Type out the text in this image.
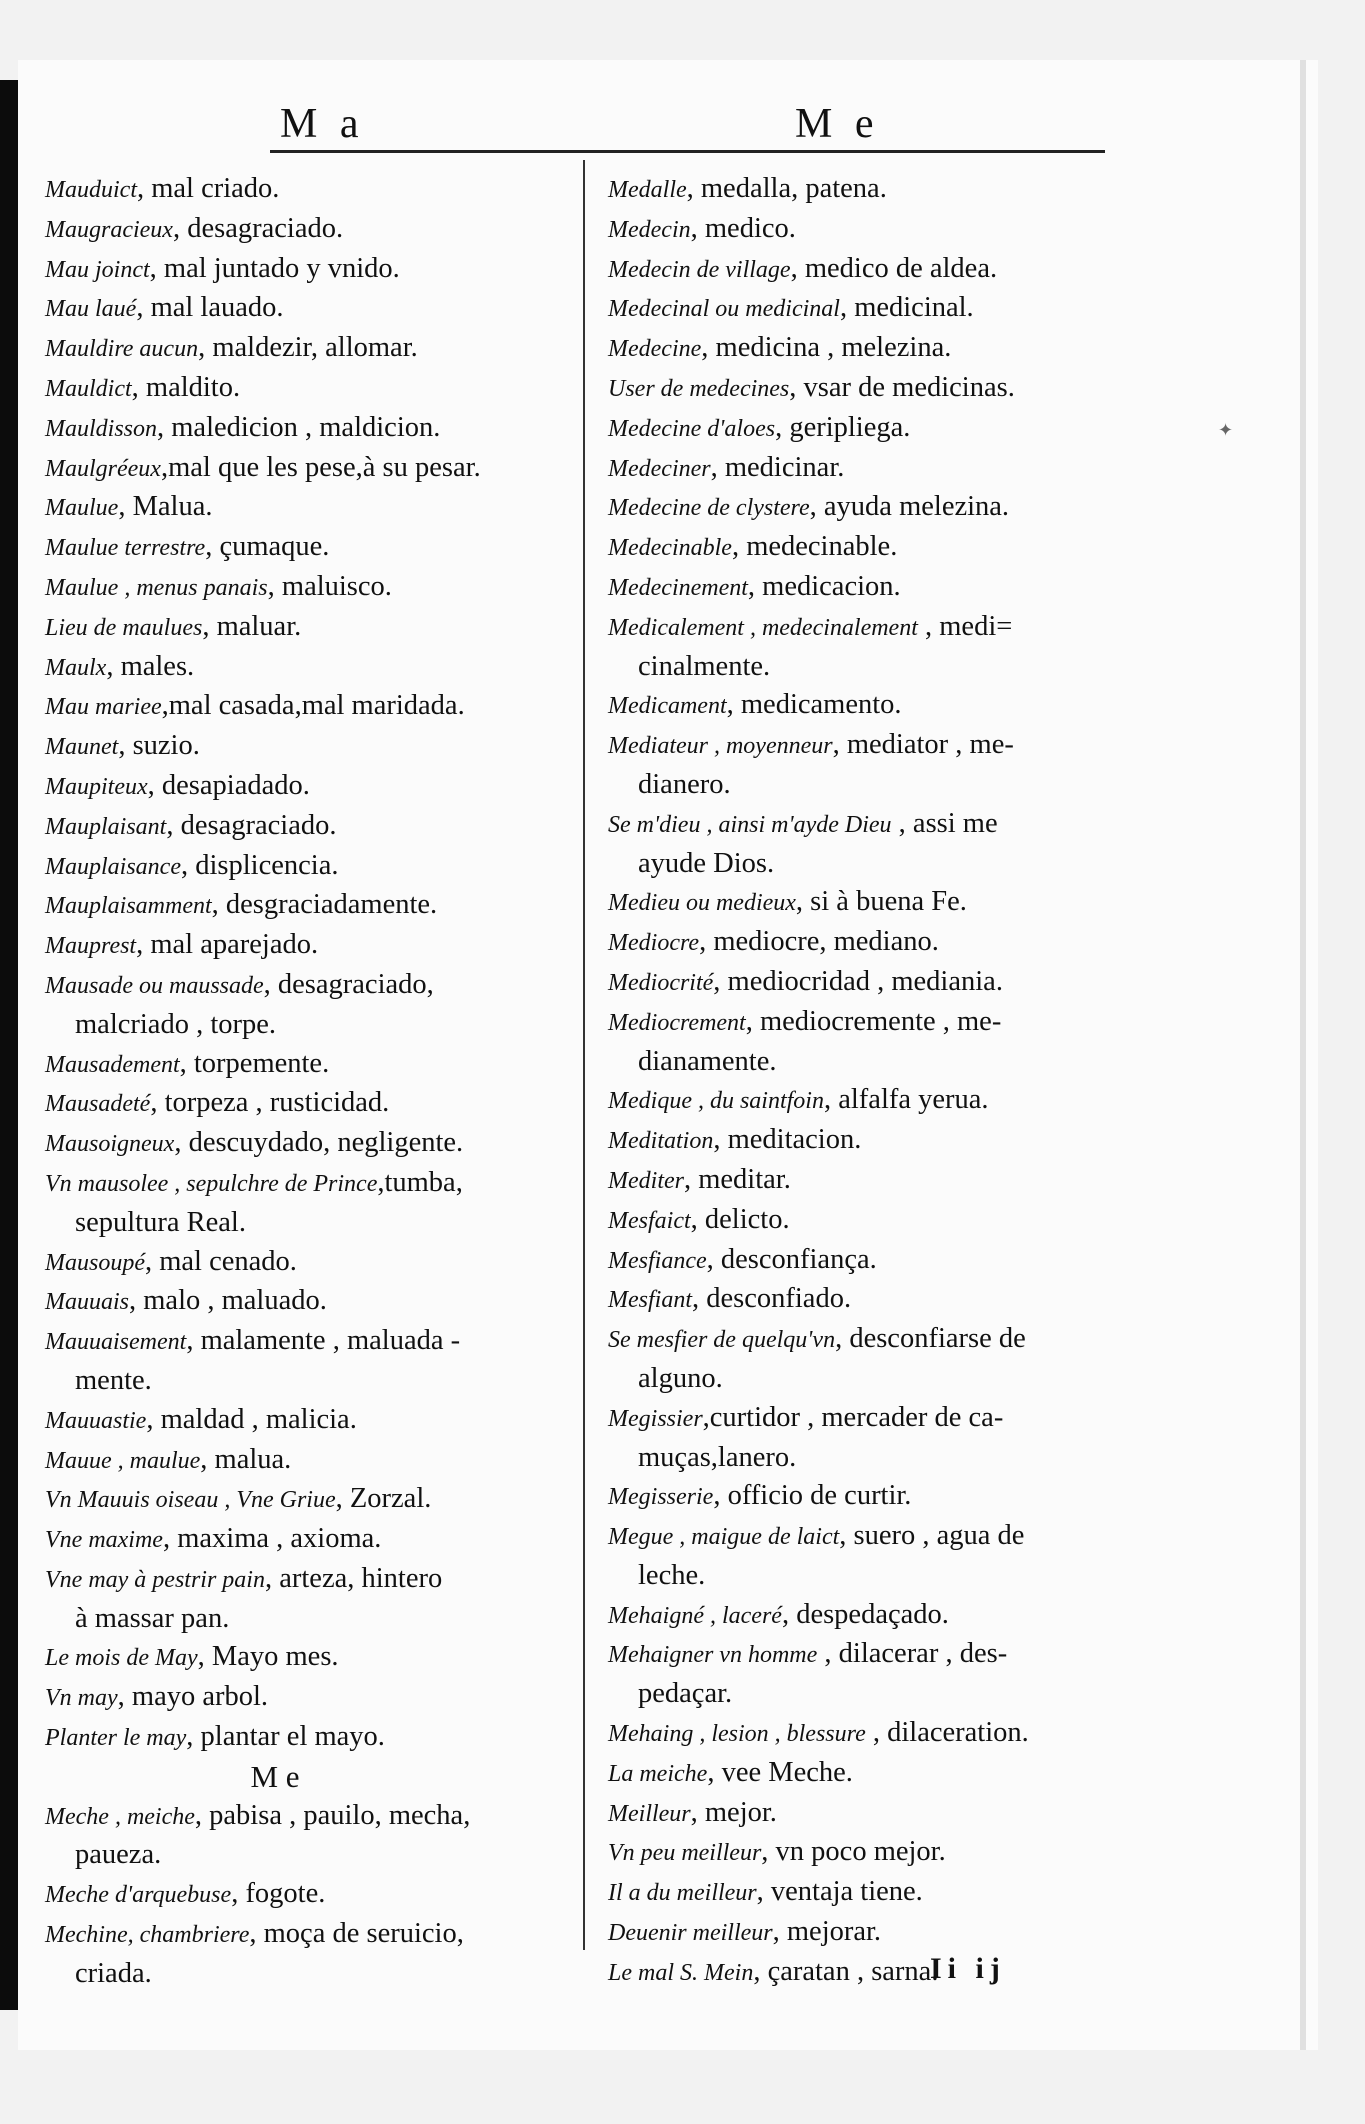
M a	M e
✦
Mauduict, mal criado.
Maugracieux, desagraciado.
Mau joinct, mal juntado y vnido.
Mau laué, mal lauado.
Mauldire aucun, maldezir, allomar.
Mauldict, maldito.
Mauldisson, maledicion , maldicion.
Maulgréeux,mal que les pese,à su pesar.
Maulue, Malua.
Maulue terrestre, çumaque.
Maulue , menus panais, maluisco.
Lieu de maulues, maluar.
Maulx, males.
Mau mariee,mal casada,mal maridada.
Maunet, suzio.
Maupiteux, desapiadado.
Mauplaisant, desagraciado.
Mauplaisance, displicencia.
Mauplaisamment, desgraciadamente.
Mauprest, mal aparejado.
Mausade ou maussade, desagraciado,
malcriado , torpe.
Mausadement, torpemente.
Mausadeté, torpeza , rusticidad.
Mausoigneux, descuydado, negligente.
Vn mausolee , sepulchre de Prince,tumba,
sepultura Real.
Mausoupé, mal cenado.
Mauuais, malo , maluado.
Mauuaisement, malamente , maluada -
mente.
Mauuastie, maldad , malicia.
Mauue , maulue, malua.
Vn Mauuis oiseau , Vne Griue, Zorzal.
Vne maxime, maxima , axioma.
Vne may à pestrir pain, arteza, hintero
à massar pan.
Le mois de May, Mayo mes.
Vn may, mayo arbol.
Planter le may, plantar el mayo.
M e
Meche , meiche, pabisa , pauilo, mecha,
paueza.
Meche d'arquebuse, fogote.
Mechine, chambriere, moça de seruicio,
criada.
Medalle, medalla, patena.
Medecin, medico.
Medecin de village, medico de aldea.
Medecinal ou medicinal, medicinal.
Medecine, medicina , melezina.
User de medecines, vsar de medicinas.
Medecine d'aloes, geripliega.
Medeciner, medicinar.
Medecine de clystere, ayuda melezina.
Medecinable, medecinable.
Medecinement, medicacion.
Medicalement , medecinalement , medi=
cinalmente.
Medicament, medicamento.
Mediateur , moyenneur, mediator , me-
dianero.
Se m'dieu , ainsi m'ayde Dieu , assi me
ayude Dios.
Medieu ou medieux, si à buena Fe.
Mediocre, mediocre, mediano.
Mediocrité, mediocridad , mediania.
Mediocrement, mediocremente , me-
dianamente.
Medique , du saintfoin, alfalfa yerua.
Meditation, meditacion.
Mediter, meditar.
Mesfaict, delicto.
Mesfiance, desconfiança.
Mesfiant, desconfiado.
Se mesfier de quelqu'vn, desconfiarse de
alguno.
Megissier,curtidor , mercader de ca-
muças,lanero.
Megisserie, officio de curtir.
Megue , maigue de laict, suero , agua de
leche.
Mehaigné , laceré, despedaçado.
Mehaigner vn homme , dilacerar , des-
pedaçar.
Mehaing , lesion , blessure , dilaceration.
La meiche, vee Meche.
Meilleur, mejor.
Vn peu meilleur, vn poco mejor.
Il a du meilleur, ventaja tiene.
Deuenir meilleur, mejorar.
Le mal S. Mein, çaratan , sarna.
Ii ij
